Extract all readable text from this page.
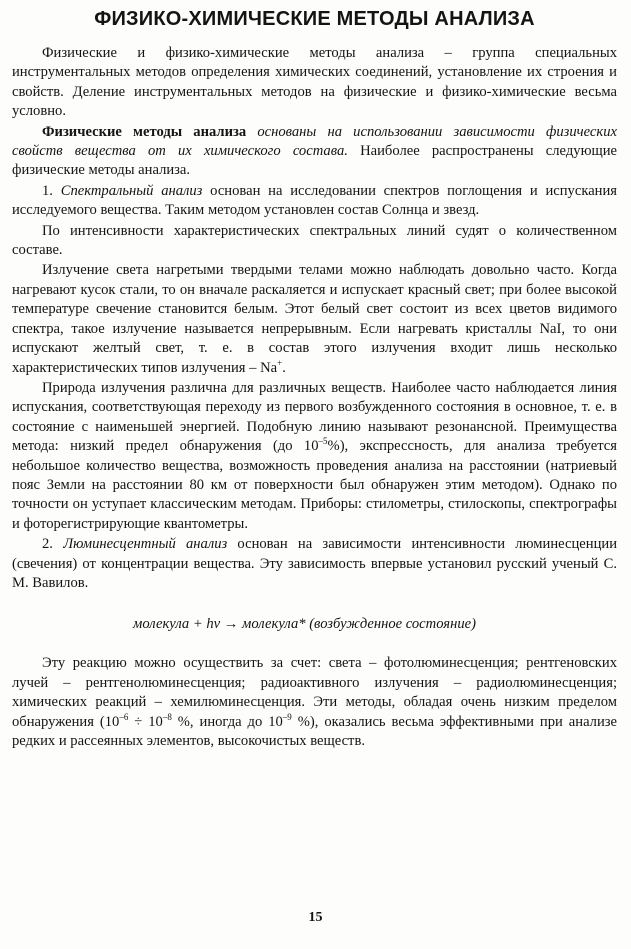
ФИЗИКО-ХИМИЧЕСКИЕ МЕТОДЫ АНАЛИЗА

Физические и физико-химические методы анализа – группа специальных инструментальных методов определения химических соединений, установление их строения и свойств. Деление инструментальных методов на физические и физико-химические весьма условно.

Физические методы анализа основаны на использовании зависимости физических свойств вещества от их химического состава. Наиболее распространены следующие физические методы анализа.

1. Спектральный анализ основан на исследовании спектров поглощения и испускания исследуемого вещества. Таким методом установлен состав Солнца и звезд.

По интенсивности характеристических спектральных линий судят о количественном составе.

Излучение света нагретыми твердыми телами можно наблюдать довольно часто. Когда нагревают кусок стали, то он вначале раскаляется и испускает красный свет; при более высокой температуре свечение становится белым. Этот белый свет состоит из всех цветов видимого спектра, такое излучение называется непрерывным. Если нагревать кристаллы NaI, то они испускают желтый свет, т. е. в состав этого излучения входит лишь несколько характеристических типов излучения – Na+.

Природа излучения различна для различных веществ. Наиболее часто наблюдается линия испускания, соответствующая переходу из первого возбужденного состояния в основное, т. е. в состояние с наименьшей энергией. Подобную линию называют резонансной. Преимущества метода: низкий предел обнаружения (до $10^{-5}\%$), экспрессность, для анализа требуется небольшое количество вещества, возможность проведения анализа на расстоянии (натриевый пояс Земли на расстоянии 80 км от поверхности был обнаружен этим методом). Однако по точности он уступает классическим методам. Приборы: стилометры, стилоскопы, спектрографы и фоторегистрирующие квантометры.

2. Люминесцентный анализ основан на зависимости интенсивности люминесценции (свечения) от концентрации вещества. Эту зависимость впервые установил русский ученый С. М. Вавилов.

молекула + hv → молекула* (возбужденное состояние)

Эту реакцию можно осуществить за счет: света – фотолюминесценция; рентгеновских лучей – рентгенолюминесценция; радиоактивного излучения – радиолюминесценция; химических реакций – хемилюминесценция. Эти методы, обладая очень низким пределом обнаружения ($10^{-6} \div 10^{-8}$ %, иногда до $10^{-9}$ %), оказались весьма эффективными при анализе редких и рассеянных элементов, высокочистых веществ.

15
